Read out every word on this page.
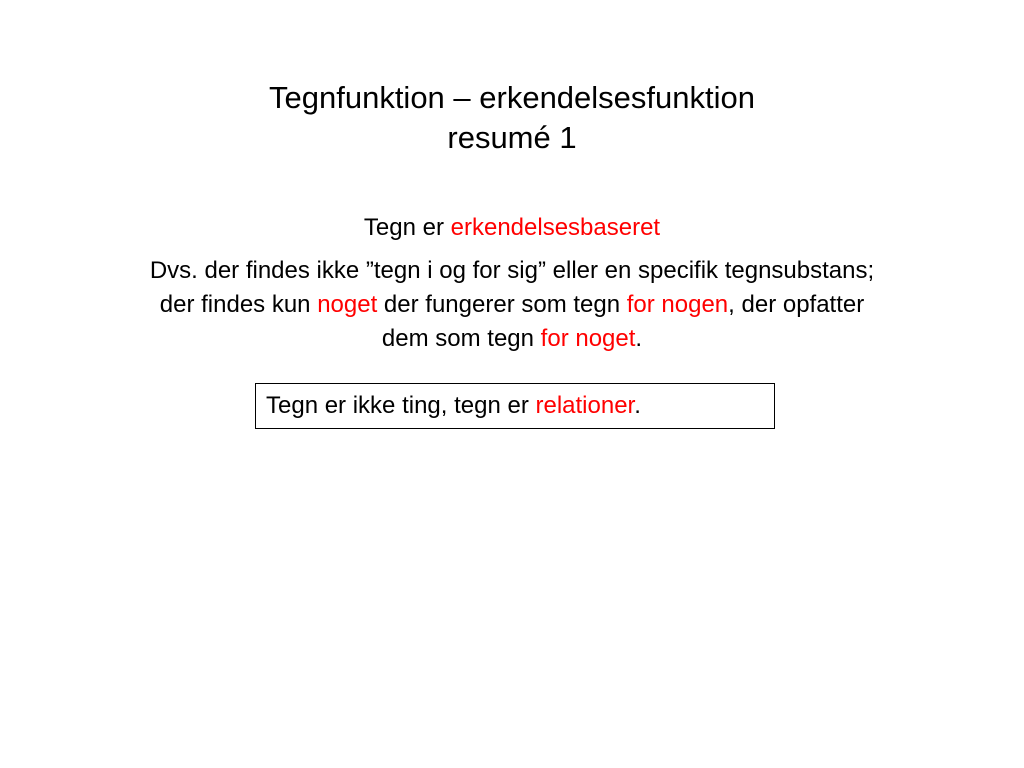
Tegnfunktion – erkendelsesfunktion
resumé 1
Tegn er erkendelsesbaseret
Dvs. der findes ikke ”tegn i og for sig” eller en specifik tegnsubstans; der findes kun noget der fungerer som tegn for nogen, der opfatter dem som tegn for noget.
Tegn er ikke ting, tegn er relationer.
